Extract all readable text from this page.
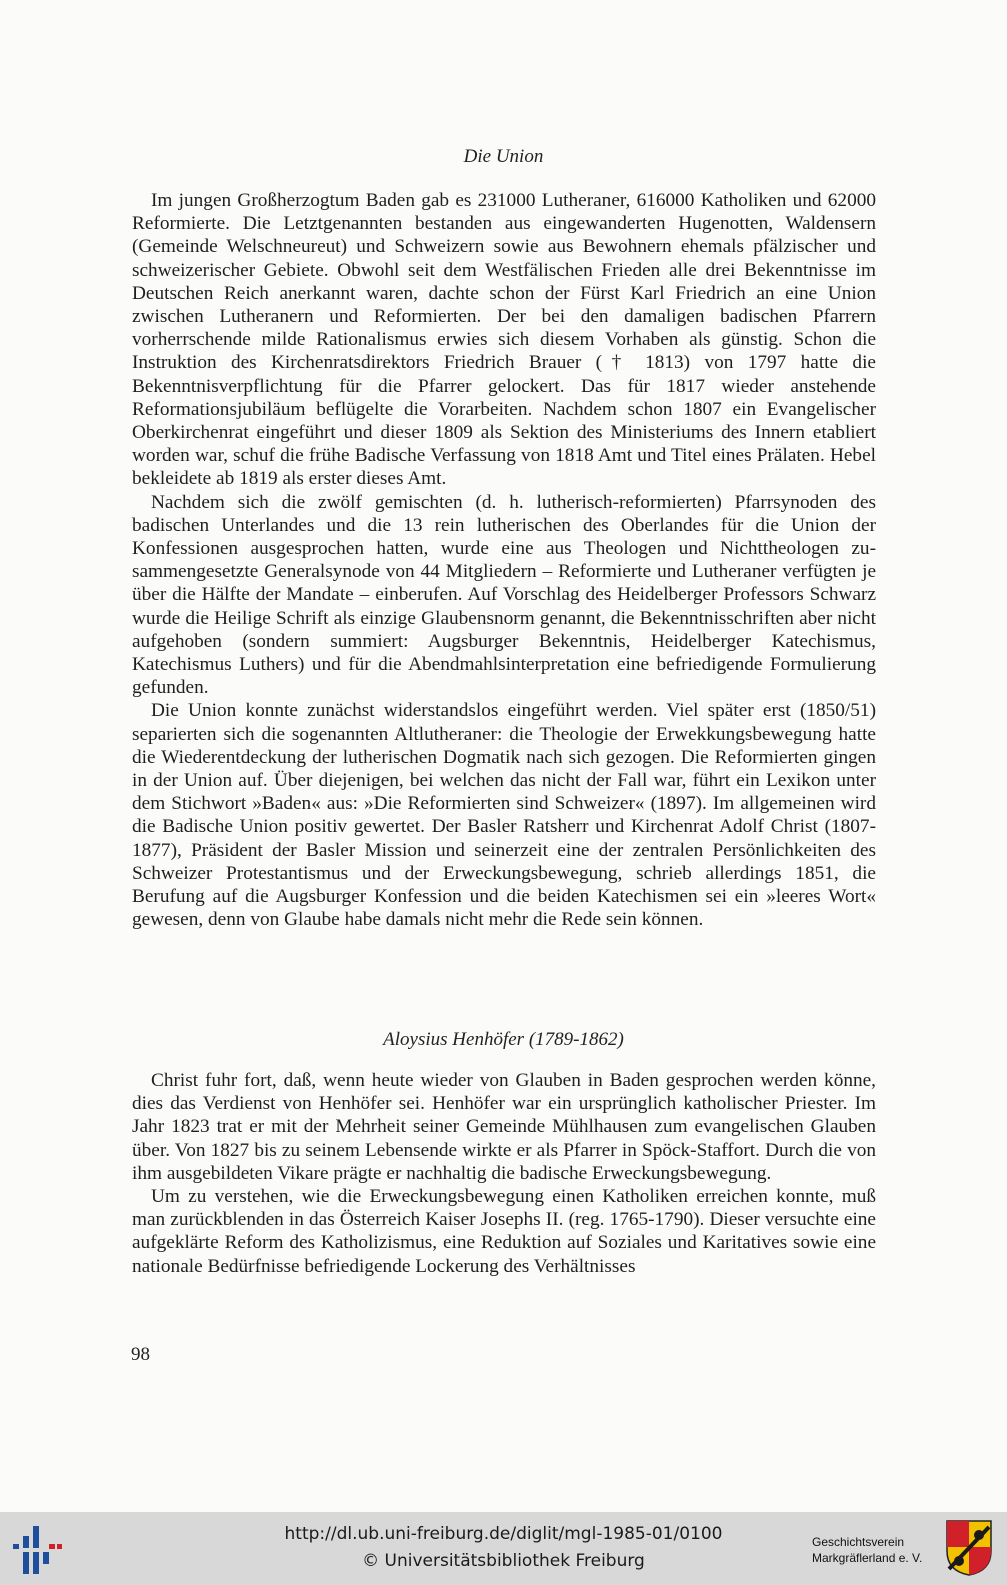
Die Union

Im jungen Großherzogtum Baden gab es 231000 Lutheraner, 616000 Katholiken und 62000 Reformierte. Die Letztgenannten bestanden aus eingewanderten Hugenotten, Waldensern (Gemeinde Welschneureut) und Schweizern sowie aus Bewohnern ehemals pfälzischer und schweizerischer Gebiete. Obwohl seit dem Westfälischen Frieden alle drei Bekenntnisse im Deutschen Reich anerkannt waren, dachte schon der Fürst Karl Friedrich an eine Union zwischen Lutheranern und Reformierten. Der bei den damaligen badischen Pfarrern vorherrschende milde Rationalismus erwies sich diesem Vorhaben als günstig. Schon die Instruktion des Kirchenratsdirektors Friedrich Brauer († 1813) von 1797 hatte die Bekenntnisverpflichtung für die Pfarrer gelockert. Das für 1817 wieder anstehende Reformationsjubiläum beflügelte die Vorarbeiten. Nachdem schon 1807 ein Evangelischer Oberkirchenrat eingeführt und dieser 1809 als Sektion des Ministeriums des Innern etabliert worden war, schuf die frühe Badische Verfassung von 1818 Amt und Titel eines Prälaten. Hebel bekleidete ab 1819 als erster dieses Amt.

Nachdem sich die zwölf gemischten (d. h. lutherisch-reformierten) Pfarrsynoden des badischen Unterlandes und die 13 rein lutherischen des Oberlandes für die Union der Konfessionen ausgesprochen hatten, wurde eine aus Theologen und Nichttheologen zusammengesetzte Generalsynode von 44 Mitgliedern – Reformierte und Lutheraner verfügten je über die Hälfte der Mandate – einberufen. Auf Vorschlag des Heidelberger Professors Schwarz wurde die Heilige Schrift als einzige Glaubensnorm genannt, die Bekenntnisschriften aber nicht aufgehoben (sondern summiert: Augsburger Bekenntnis, Heidelberger Katechismus, Katechismus Luthers) und für die Abendmahlsinterpretation eine befriedigende Formulierung gefunden.

Die Union konnte zunächst widerstandslos eingeführt werden. Viel später erst (1850/51) separierten sich die sogenannten Altlutheraner: die Theologie der Erwekkungsbewegung hatte die Wiederentdeckung der lutherischen Dogmatik nach sich gezogen. Die Reformierten gingen in der Union auf. Über diejenigen, bei welchen das nicht der Fall war, führt ein Lexikon unter dem Stichwort »Baden« aus: »Die Reformierten sind Schweizer« (1897). Im allgemeinen wird die Badische Union positiv gewertet. Der Basler Ratsherr und Kirchenrat Adolf Christ (1807-1877), Präsident der Basler Mission und seinerzeit eine der zentralen Persönlichkeiten des Schweizer Protestantismus und der Erweckungsbewegung, schrieb allerdings 1851, die Berufung auf die Augsburger Konfession und die beiden Katechismen sei ein »leeres Wort« gewesen, denn von Glaube habe damals nicht mehr die Rede sein können.

Aloysius Henhöfer (1789-1862)

Christ fuhr fort, daß, wenn heute wieder von Glauben in Baden gesprochen werden könne, dies das Verdienst von Henhöfer sei. Henhöfer war ein ursprünglich katholischer Priester. Im Jahr 1823 trat er mit der Mehrheit seiner Gemeinde Mühlhausen zum evangelischen Glauben über. Von 1827 bis zu seinem Lebensende wirkte er als Pfarrer in Spöck-Staffort. Durch die von ihm ausgebildeten Vikare prägte er nachhaltig die badische Erweckungsbewegung.

Um zu verstehen, wie die Erweckungsbewegung einen Katholiken erreichen konnte, muß man zurückblenden in das Österreich Kaiser Josephs II. (reg. 1765-1790). Dieser versuchte eine aufgeklärte Reform des Katholizismus, eine Reduktion auf Soziales und Karitatives sowie eine nationale Bedürfnisse befriedigende Lockerung des Verhältnisses

98
http://dl.ub.uni-freiburg.de/diglit/mgl-1985-01/0100
© Universitätsbibliothek Freiburg
Geschichtsverein
Markgräflerland e. V.
